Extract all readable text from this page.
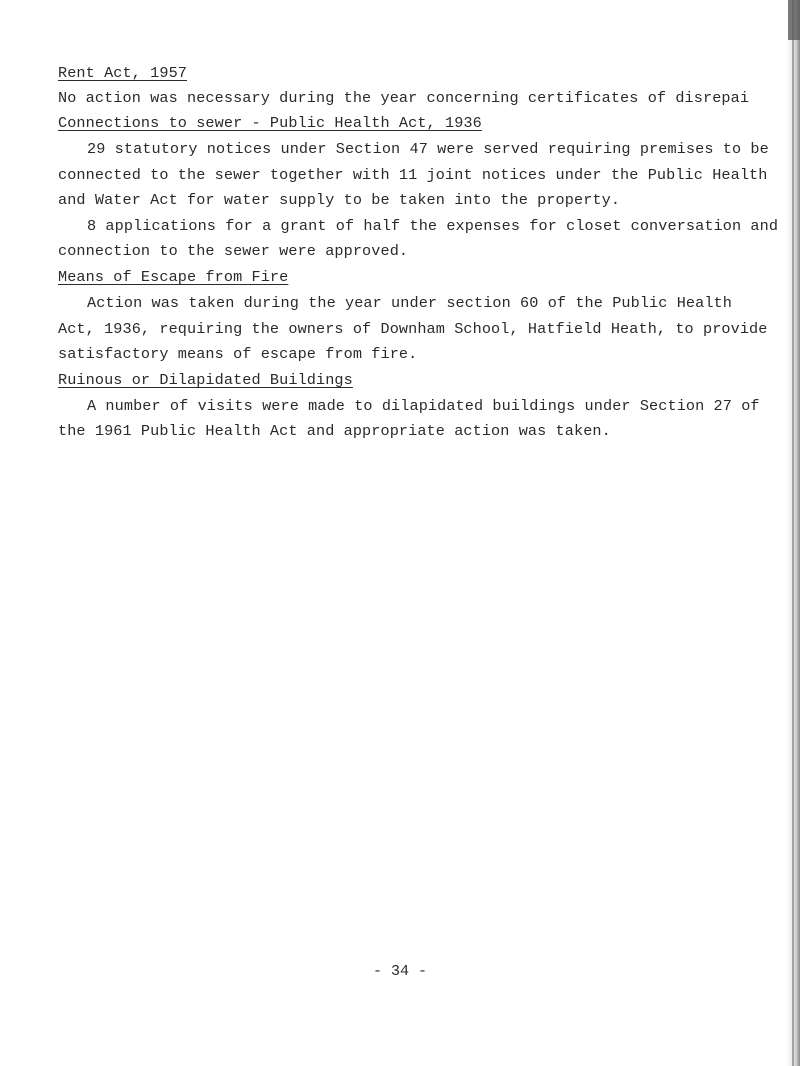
Rent Act, 1957
No action was necessary during the year concerning certificates of disrepai
Connections to sewer - Public Health Act, 1936
29 statutory notices under Section 47 were served requiring premises to be
connected to the sewer together with 11 joint notices under the Public Health
and Water Act for water supply to be taken into the property.
8 applications for a grant of half the expenses for closet conversation and
connection to the sewer were approved.
Means of Escape from Fire
Action was taken during the year under section 60 of the Public Health
Act, 1936, requiring the owners of Downham School, Hatfield Heath, to provide
satisfactory means of escape from fire.
Ruinous or Dilapidated Buildings
A number of visits were made to dilapidated buildings under Section 27 of
the 1961 Public Health Act and appropriate action was taken.
- 34 -
